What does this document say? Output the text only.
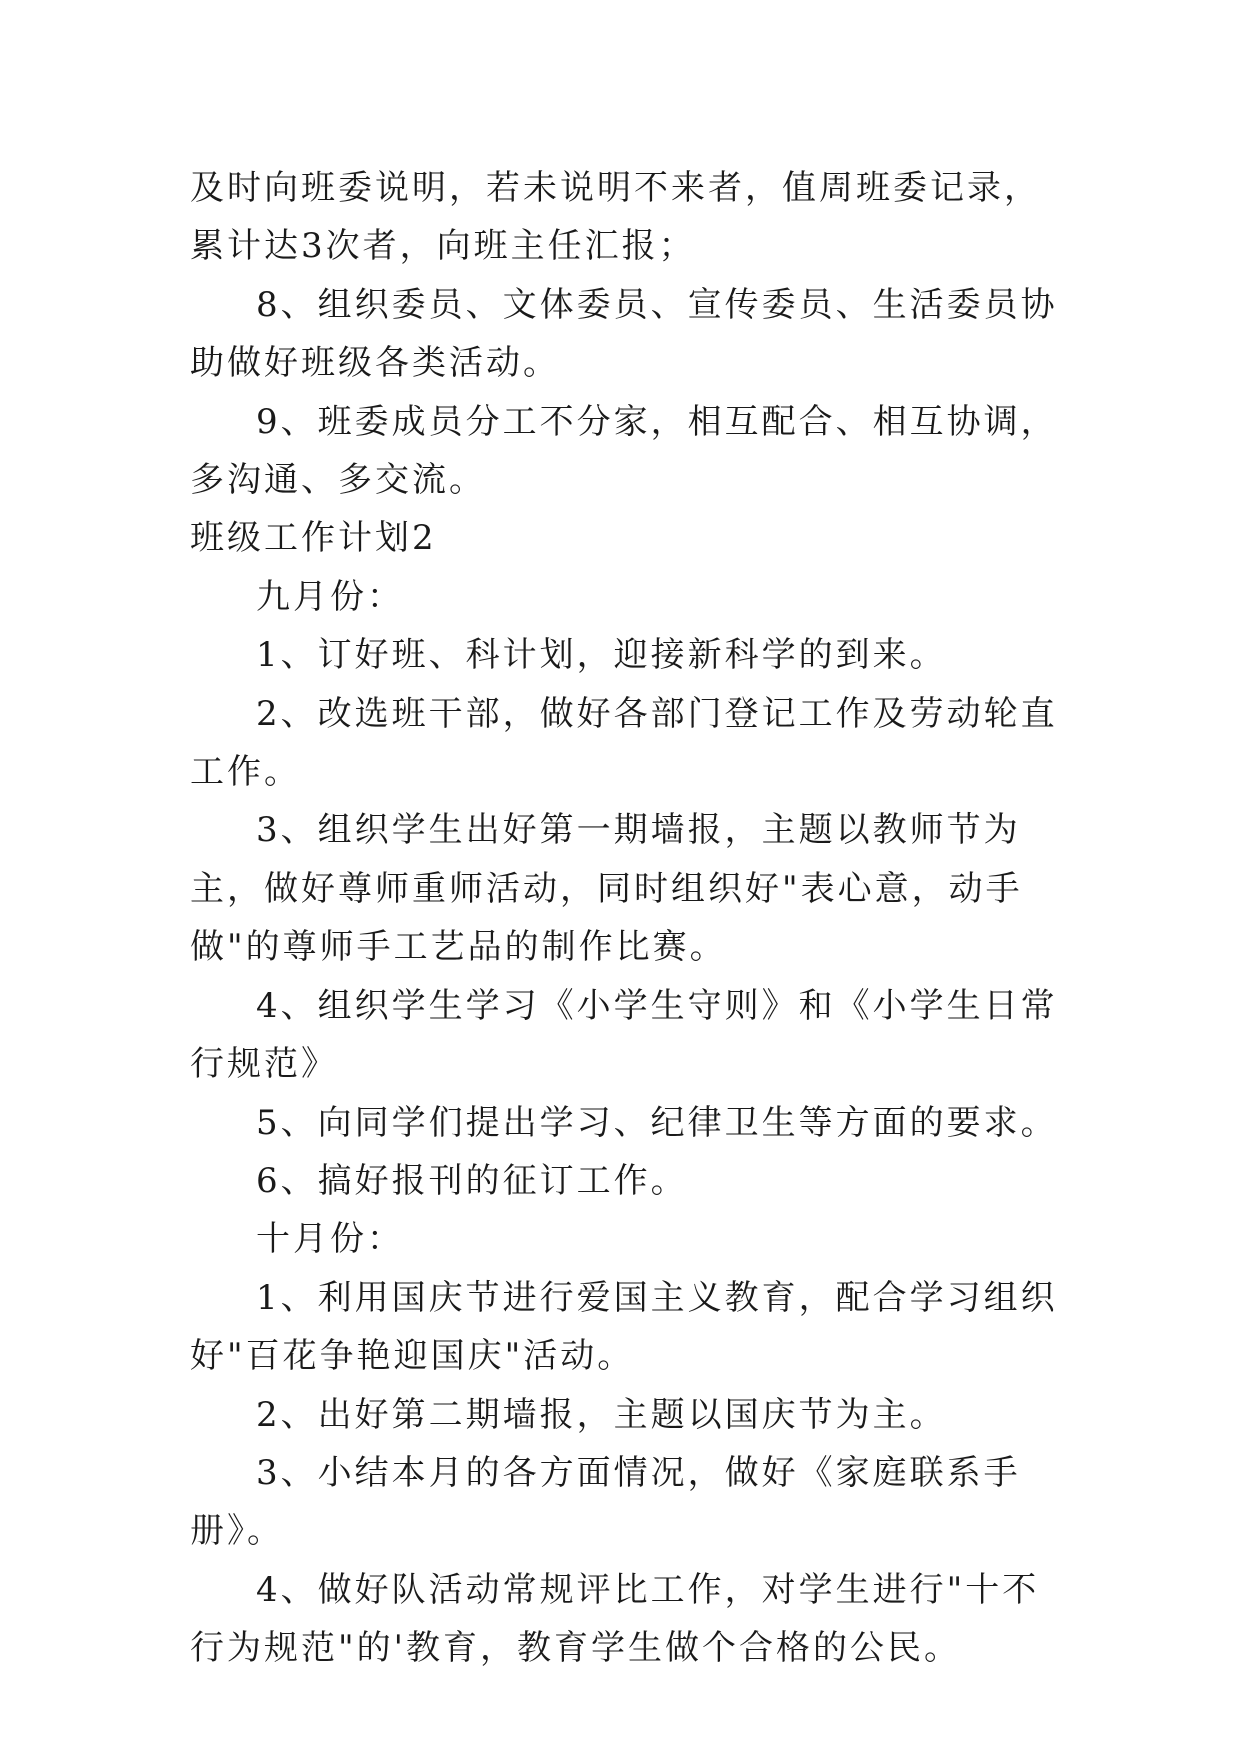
及时向班委说明，若未说明不来者，值周班委记录，累计达3次者，向班主任汇报；

8、组织委员、文体委员、宣传委员、生活委员协助做好班级各类活动。

9、班委成员分工不分家，相互配合、相互协调，多沟通、多交流。

班级工作计划2

九月份：

1、订好班、科计划，迎接新科学的到来。

2、改选班干部，做好各部门登记工作及劳动轮直工作。

3、组织学生出好第一期墙报，主题以教师节为主，做好尊师重师活动，同时组织好"表心意，动手做"的尊师手工艺品的制作比赛。

4、组织学生学习《小学生守则》和《小学生日常行规范》

5、向同学们提出学习、纪律卫生等方面的要求。

6、搞好报刊的征订工作。

十月份：

1、利用国庆节进行爱国主义教育，配合学习组织好"百花争艳迎国庆"活动。

2、出好第二期墙报，主题以国庆节为主。

3、小结本月的各方面情况，做好《家庭联系手册》。

4、做好队活动常规评比工作，对学生进行"十不行为规范"的'教育，教育学生做个合格的公民。
